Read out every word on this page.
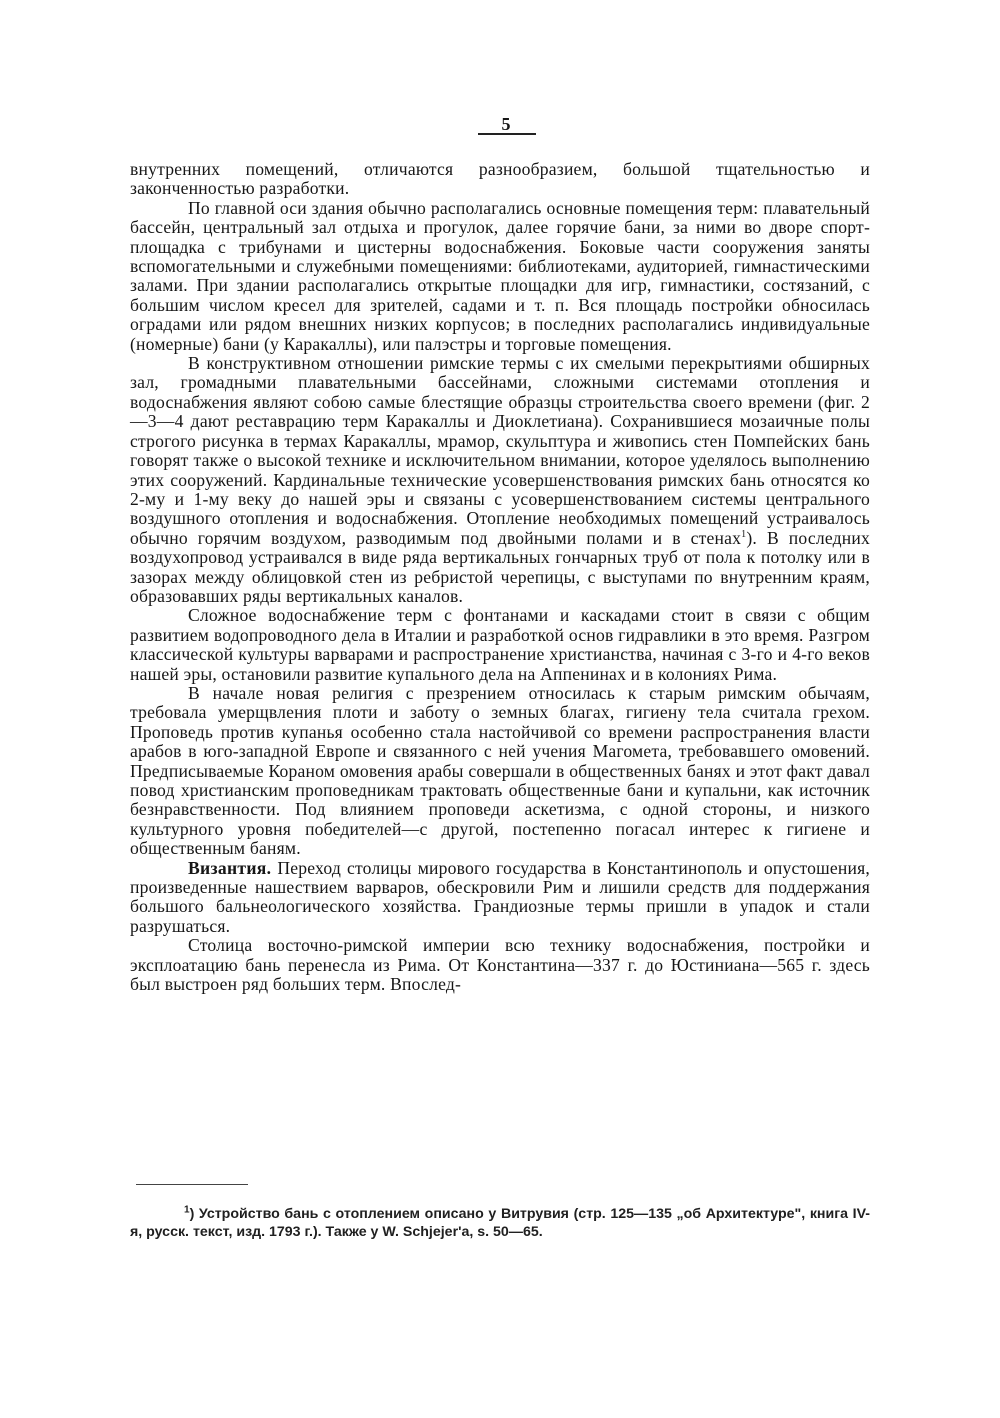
5

внутренних помещений, отличаются разнообразием, большой тщательностью и законченностью разработки.

По главной оси здания обычно располагались основные помещения терм: плавательный бассейн, центральный зал отдыха и прогулок, далее горячие бани, за ними во дворе спорт-площадка с трибунами и цистерны водоснабжения. Боковые части сооружения заняты вспомогательными и служебными помещениями: библиотеками, аудиторией, гимнастическими залами. При здании располагались открытые площадки для игр, гимнастики, состязаний, с большим числом кресел для зрителей, садами и т. п. Вся площадь постройки обносилась оградами или рядом внешних низких корпусов; в последних располагались индивидуальные (номерные) бани (у Каракаллы), или палэстры и торговые помещения.

В конструктивном отношении римские термы с их смелыми перекрытиями обширных зал, громадными плавательными бассейнами, сложными системами отопления и водоснабжения являют собою самые блестящие образцы строительства своего времени (фиг. 2—3—4 дают реставрацию терм Каракаллы и Диоклетиана). Сохранившиеся мозаичные полы строгого рисунка в термах Каракаллы, мрамор, скульптура и живопись стен Помпейских бань говорят также о высокой технике и исключительном внимании, которое уделялось выполнению этих сооружений. Кардинальные технические усовершенствования римских бань относятся ко 2-му и 1-му веку до нашей эры и связаны с усовершенствованием системы центрального воздушного отопления и водоснабжения. Отопление необходимых помещений устраивалось обычно горячим воздухом, разводимым под двойными полами и в стенах$^1$). В последних воздухопровод устраивался в виде ряда вертикальных гончарных труб от пола к потолку или в зазорах между облицовкой стен из ребристой черепицы, с выступами по внутренним краям, образовавших ряды вертикальных каналов.

Сложное водоснабжение терм с фонтанами и каскадами стоит в связи с общим развитием водопроводного дела в Италии и разработкой основ гидравлики в это время. Разгром классической культуры варварами и распространение христианства, начиная с 3-го и 4-го веков нашей эры, остановили развитие купального дела на Аппенинах и в колониях Рима.

В начале новая религия с презрением относилась к старым римским обычаям, требовала умерщвления плоти и заботу о земных благах, гигиену тела считала грехом. Проповедь против купанья особенно стала настойчивой со времени распространения власти арабов в юго-западной Европе и связанного с ней учения Магомета, требовавшего омовений. Предписываемые Кораном омовения арабы совершали в общественных банях и этот факт давал повод христианским проповедникам трактовать общественные бани и купальни, как источник безнравственности. Под влиянием проповеди аскетизма, с одной стороны, и низкого культурного уровня победителей—с другой, постепенно погасал интерес к гигиене и общественным баням.

Византия. Переход столицы мирового государства в Константинополь и опустошения, произведенные нашествием варваров, обескровили Рим и лишили средств для поддержания большого бальнеологического хозяйства. Грандиозные термы пришли в упадок и стали разрушаться.

Столица восточно-римской империи всю технику водоснабжения, постройки и эксплоатацию бань перенесла из Рима. От Константина—337 г. до Юстиниана—565 г. здесь был выстроен ряд больших терм. Впослед-

$^1$) Устройство бань с отоплением описано у Витрувия (стр. 125—135 „об Архитектуре", книга IV-я, русск. текст, изд. 1793 г.). Также у W. Schjejer'a, s. 50—65.
